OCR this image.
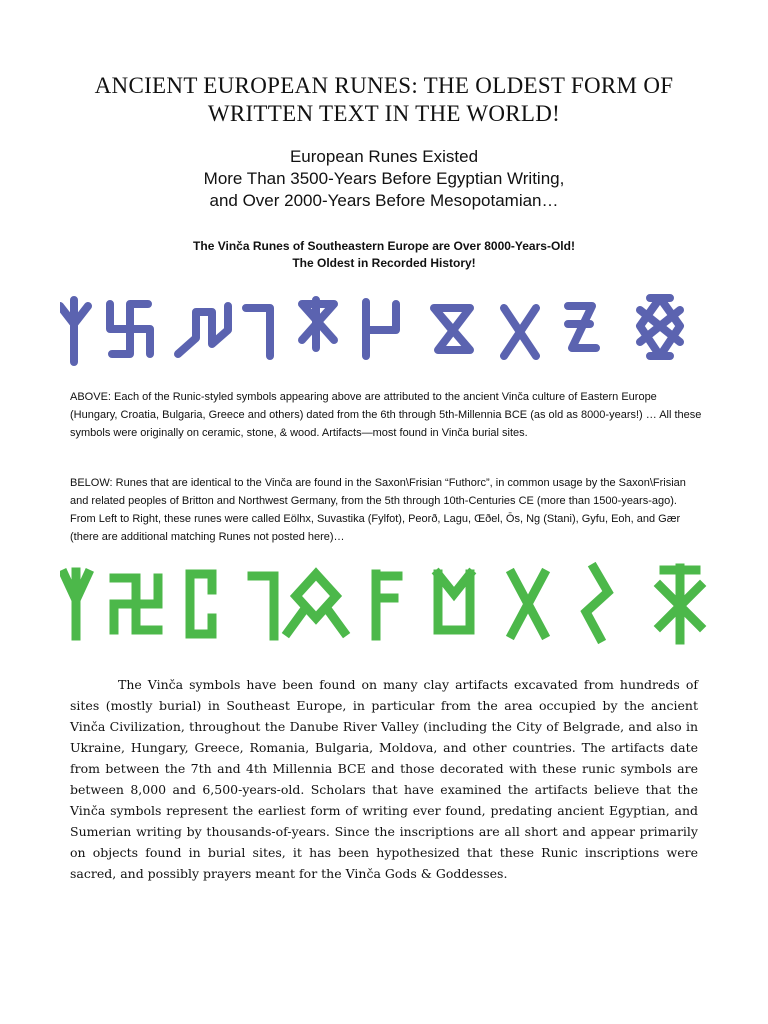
ANCIENT EUROPEAN RUNES: THE OLDEST FORM OF
WRITTEN TEXT IN THE WORLD!
European Runes Existed
More Than 3500-Years Before Egyptian Writing,
and Over 2000-Years Before Mesopotamian…
The Vinča Runes of Southeastern Europe are Over 8000-Years-Old!
The Oldest in Recorded History!

ABOVE: Each of the Runic-styled symbols appearing above are attributed to the ancient Vinča culture of Eastern Europe (Hungary, Croatia, Bulgaria, Greece and others) dated from the 6th through 5th-Millennia BCE (as old as 8000-years!) … All these symbols were originally on ceramic, stone, & wood. Artifacts—most found in Vinča burial sites.

BELOW: Runes that are identical to the Vinča are found in the Saxon\Frisian “Futhorc”, in common usage by the Saxon\Frisian and related peoples of Britton and Northwest Germany, from the 5th through 10th-Centuries CE (more than 1500-years-ago). From Left to Right, these runes were called Eölhx, Suvastika (Fylfot), Peorð, Lagu, Œðel, Ōs, Ng (Stani), Gyfu, Eoh, and Gær (there are additional matching Runes not posted here)…

The Vinča symbols have been found on many clay artifacts excavated from hundreds of sites (mostly burial) in Southeast Europe, in particular from the area occupied by the ancient Vinča Civilization, throughout the Danube River Valley (including the City of Belgrade, and also in Ukraine, Hungary, Greece, Romania, Bulgaria, Moldova, and other countries. The artifacts date from between the 7th and 4th Millennia BCE and those decorated with these runic symbols are between 8,000 and 6,500-years-old. Scholars that have examined the artifacts believe that the Vinča symbols represent the earliest form of writing ever found, predating ancient Egyptian, and Sumerian writing by thousands-of-years. Since the inscriptions are all short and appear primarily on objects found in burial sites, it has been hypothesized that these Runic inscriptions were sacred, and possibly prayers meant for the Vinča Gods & Goddesses.
